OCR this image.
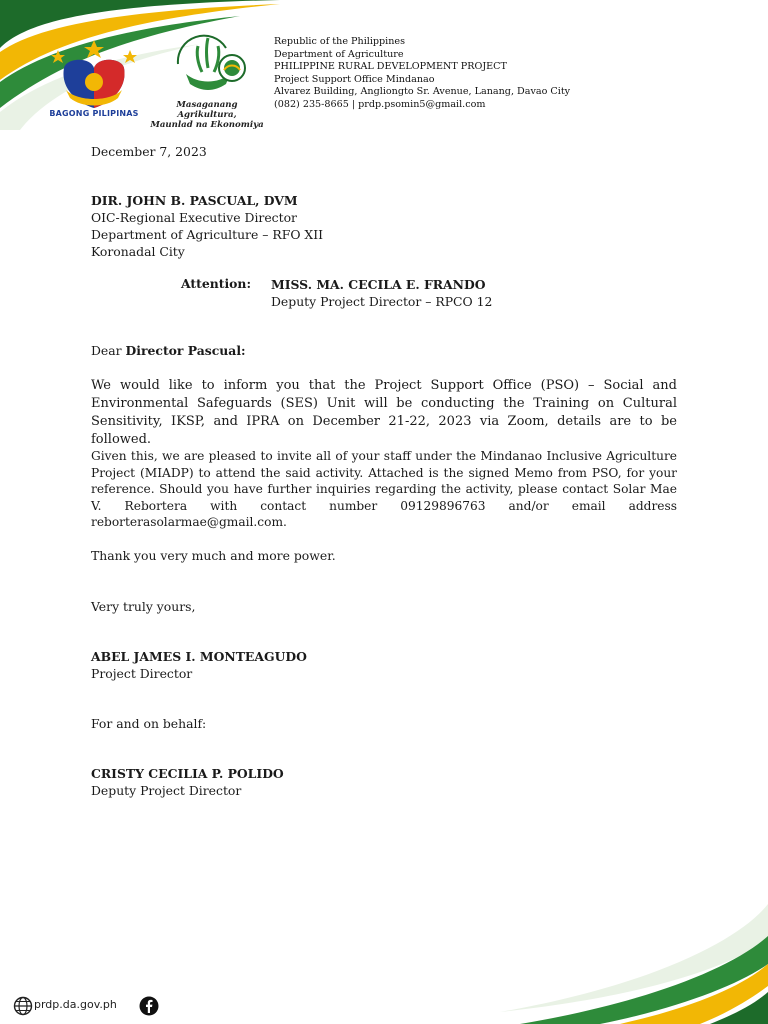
BAGONG PILIPINAS
Masaganang Agrikultura,
Maunlad na Ekonomiya
Republic of the Philippines
Department of Agriculture
PHILIPPINE RURAL DEVELOPMENT PROJECT
Project Support Office Mindanao
Alvarez Building, Angliongto Sr. Avenue, Lanang, Davao City
(082) 235-8665 | prdp.psomin5@gmail.com
December 7, 2023
DIR. JOHN B. PASCUAL, DVM
OIC-Regional Executive Director
Department of Agriculture – RFO XII
Koronadal City
Attention: MISS. MA. CECILA E. FRANDO
Deputy Project Director – RPCO 12
Dear Director Pascual:
We would like to inform you that the Project Support Office (PSO) – Social and Environmental Safeguards (SES) Unit will be conducting the Training on Cultural Sensitivity, IKSP, and IPRA on December 21-22, 2023 via Zoom, details are to be followed.
Given this, we are pleased to invite all of your staff under the Mindanao Inclusive Agriculture Project (MIADP) to attend the said activity. Attached is the signed Memo from PSO, for your reference. Should you have further inquiries regarding the activity, please contact Solar Mae V. Rebortera with contact number 09129896763 and/or email address reborterasolarmae@gmail.com.
Thank you very much and more power.
Very truly yours,
ABEL JAMES I. MONTEAGUDO
Project Director
For and on behalf:
CRISTY CECILIA P. POLIDO
Deputy Project Director
prdp.da.gov.ph
